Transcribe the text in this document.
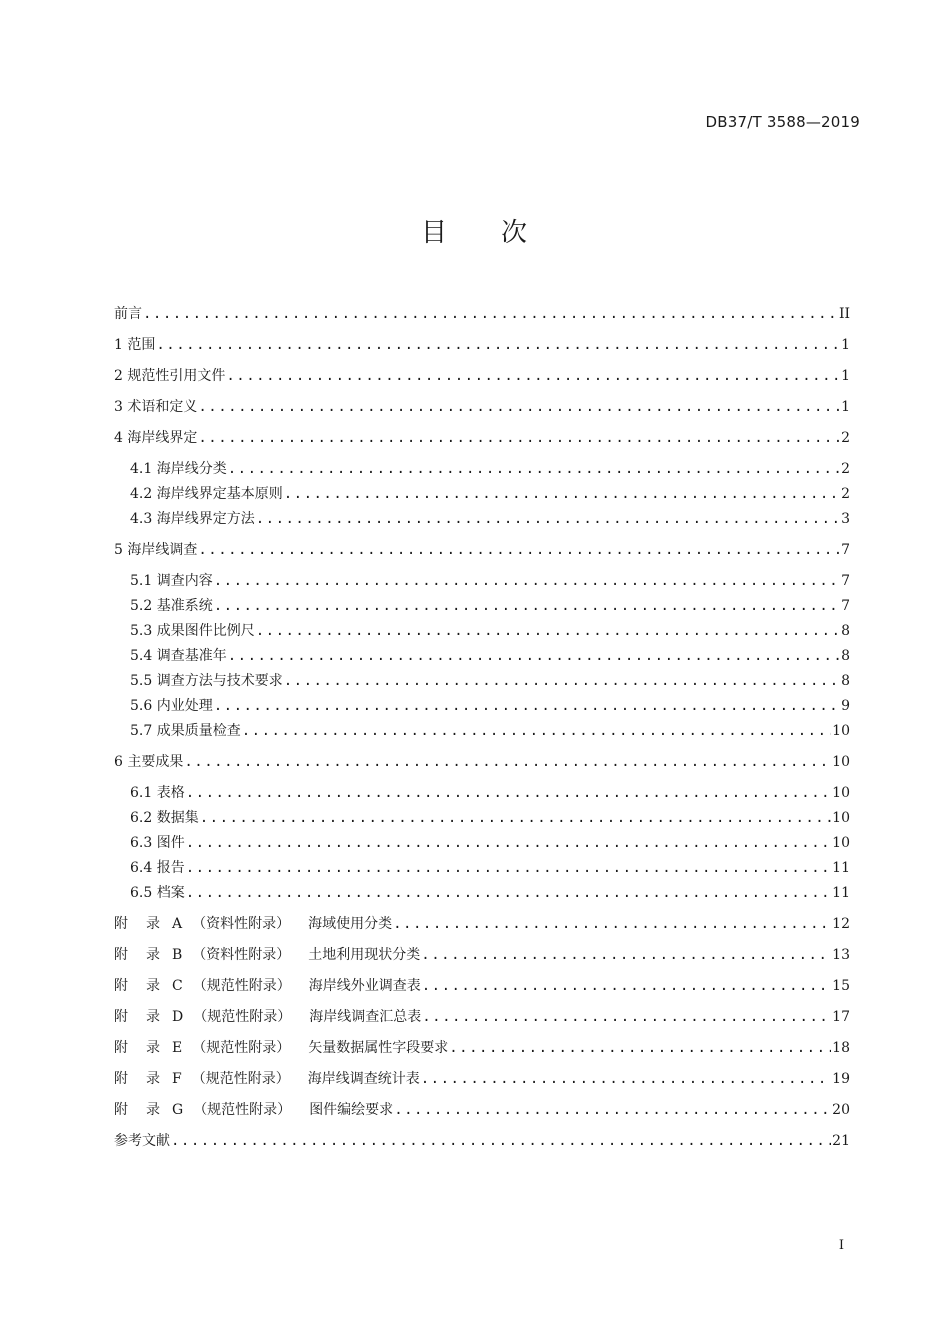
DB37/T 3588—2019
目 次
前言 .....	II
1 范围 .....	1
2 规范性引用文件 .....	1
3 术语和定义 .....	1
4 海岸线界定 .....	2
4.1 海岸线分类 .....	2
4.2 海岸线界定基本原则 .....	2
4.3 海岸线界定方法 .....	3
5 海岸线调查 .....	7
5.1 调查内容 .....	7
5.2 基准系统 .....	7
5.3 成果图件比例尺 .....	8
5.4 调查基准年 .....	8
5.5 调查方法与技术要求 .....	8
5.6 内业处理 .....	9
5.7 成果质量检查 .....	10
6 主要成果 .....	10
6.1 表格 .....	10
6.2 数据集 .....	10
6.3 图件 .....	10
6.4 报告 .....	11
6.5 档案 .....	11
附 录 A （资料性附录） 海域使用分类 .....	12
附 录 B （资料性附录） 土地利用现状分类 .....	13
附 录 C （规范性附录） 海岸线外业调查表 .....	15
附 录 D （规范性附录） 海岸线调查汇总表 .....	17
附 录 E （规范性附录） 矢量数据属性字段要求 .....	18
附 录 F （规范性附录） 海岸线调查统计表 .....	19
附 录 G （规范性附录） 图件编绘要求 .....	20
参考文献 .....	21
I
